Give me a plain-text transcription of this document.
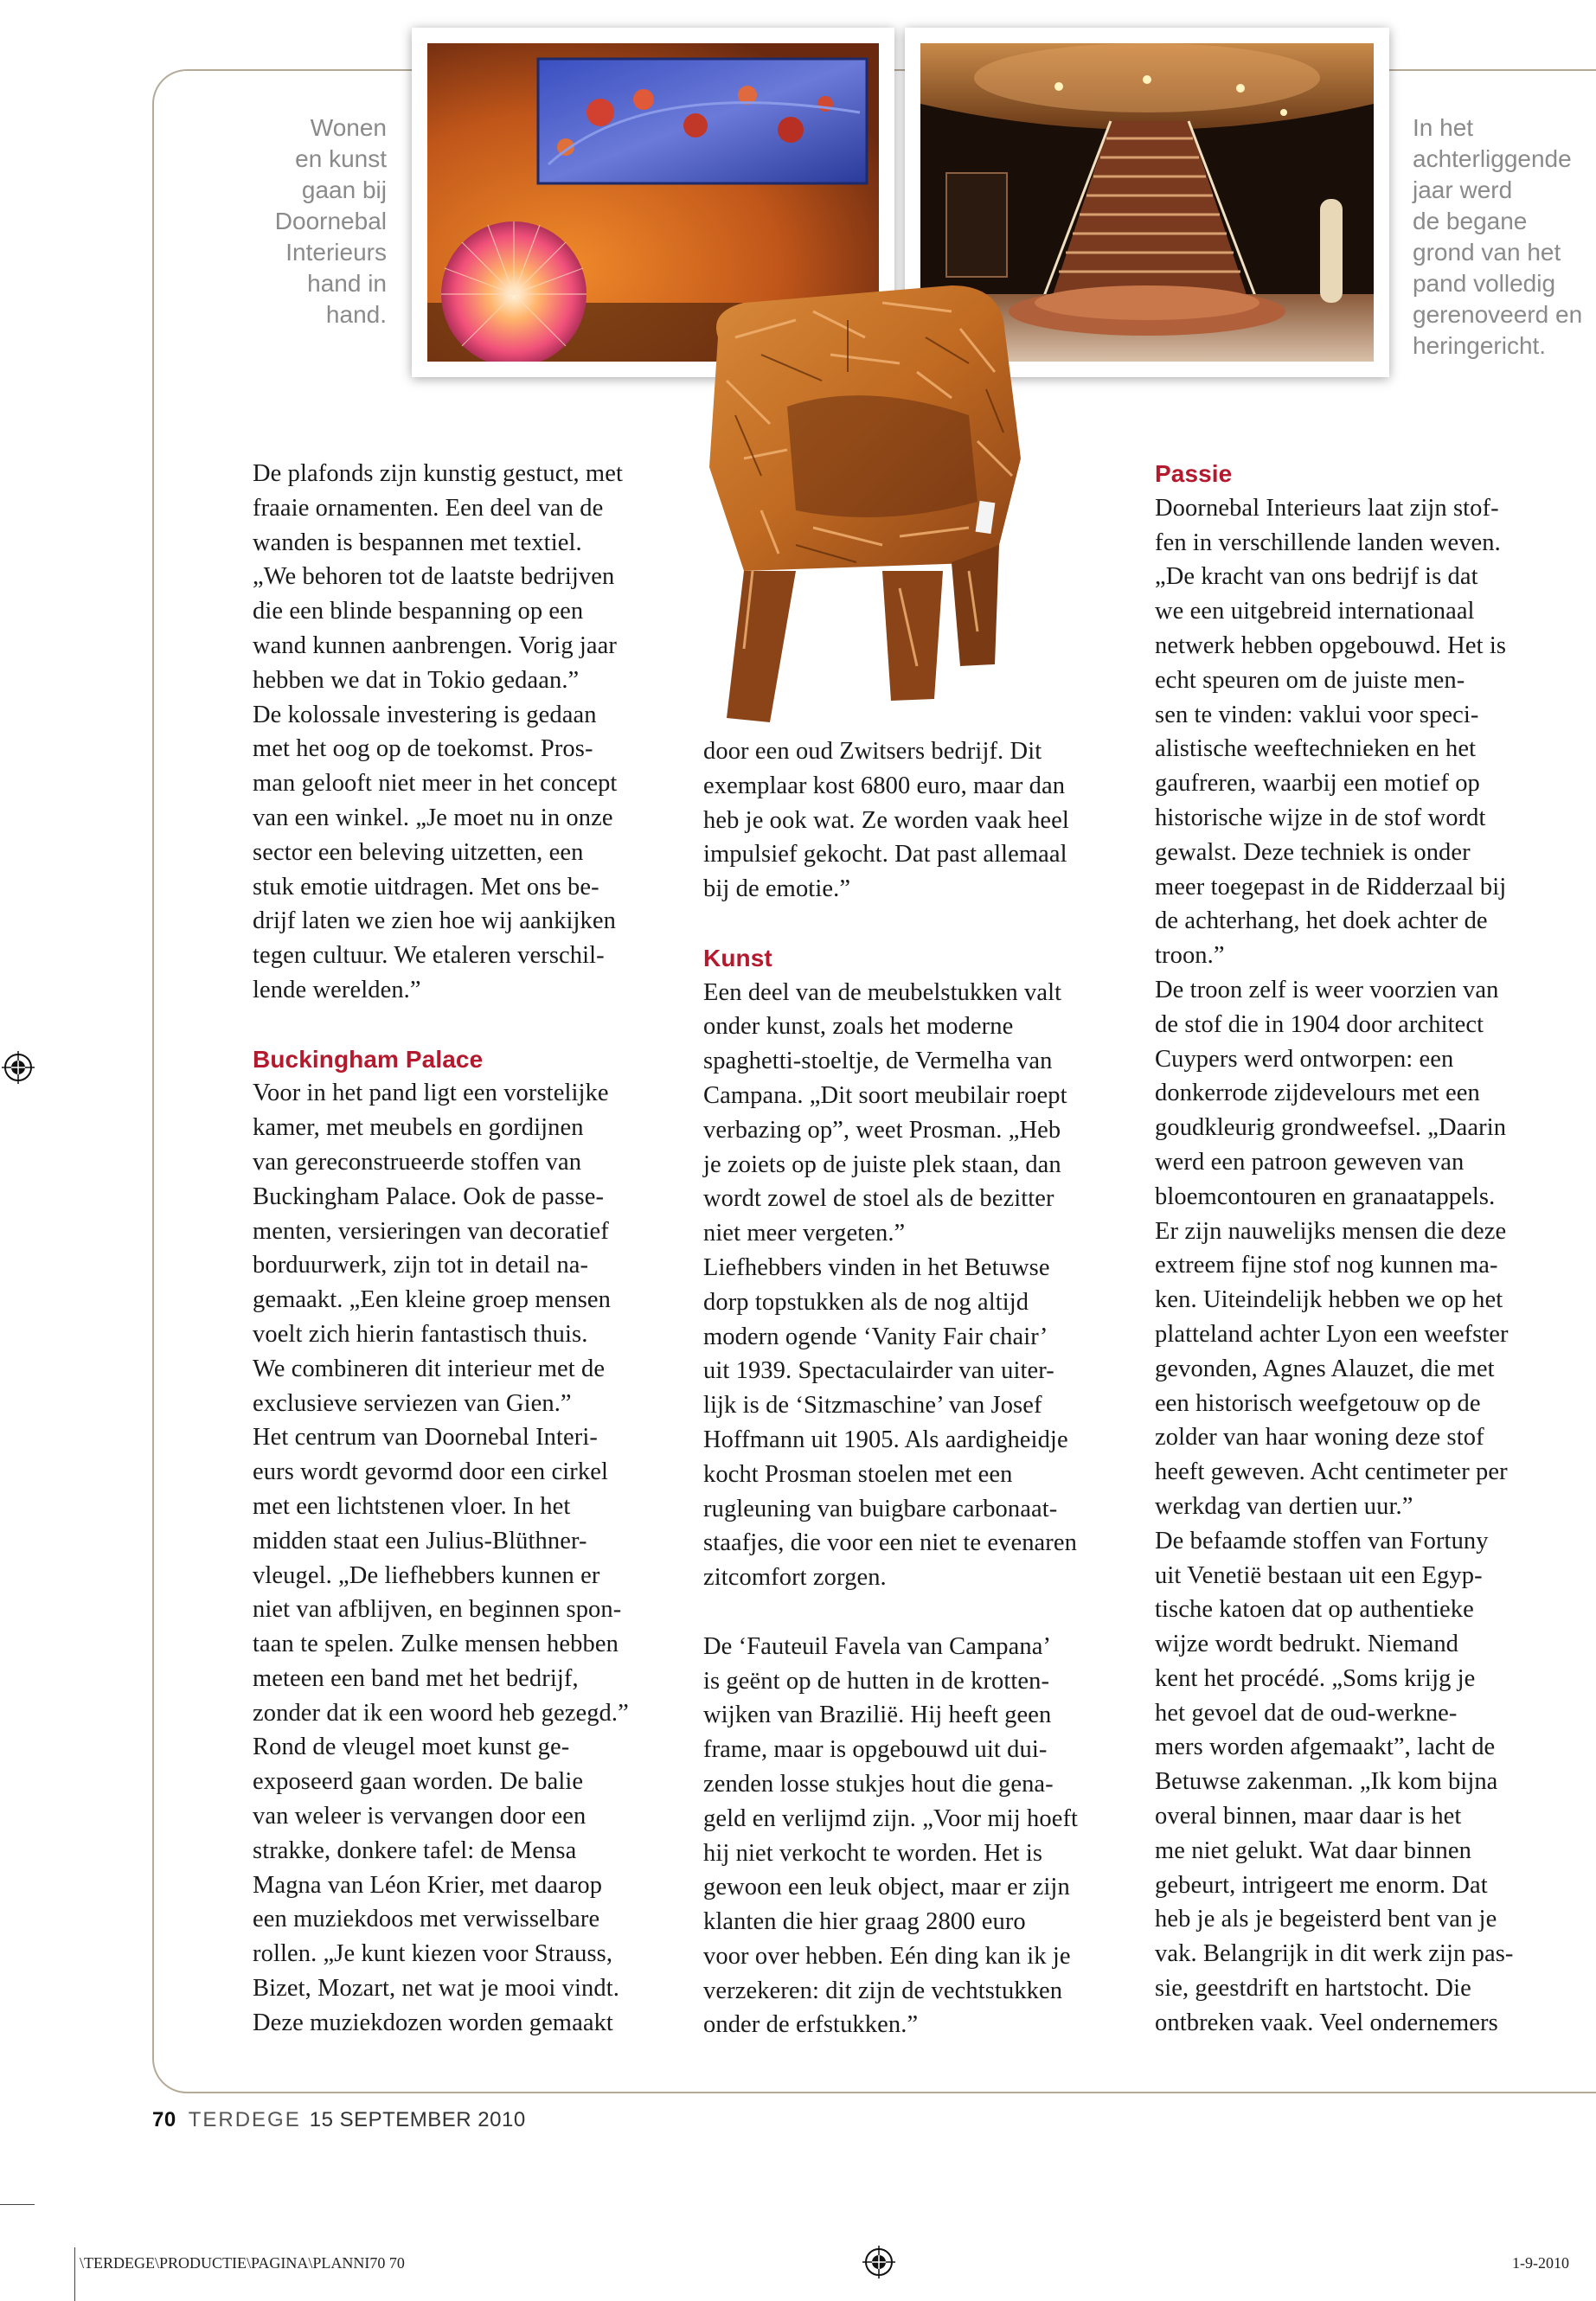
Wonen
en kunst
gaan bij
Doornebal
Interieurs
hand in
hand.
In het
achterliggende
jaar werd
de begane
grond van het
pand volledig
gerenoveerd en
heringericht.

De plafonds zijn kunstig gestuct, met
fraaie ornamenten. Een deel van de
wanden is bespannen met textiel.
„We behoren tot de laatste bedrijven
die een blinde bespanning op een
wand kunnen aanbrengen. Vorig jaar
hebben we dat in Tokio gedaan.”
De kolossale investering is gedaan
met het oog op de toekomst. Pros-
man gelooft niet meer in het concept
van een winkel. „Je moet nu in onze
sector een beleving uitzetten, een
stuk emotie uitdragen. Met ons be-
drijf laten we zien hoe wij aankijken
tegen cultuur. We etaleren verschil-
lende werelden.”

Buckingham Palace

Voor in het pand ligt een vorstelijke
kamer, met meubels en gordijnen
van gereconstrueerde stoffen van
Buckingham Palace. Ook de passe-
menten, versieringen van decoratief
borduurwerk, zijn tot in detail na-
gemaakt. „Een kleine groep mensen
voelt zich hierin fantastisch thuis.
We combineren dit interieur met de
exclusieve serviezen van Gien.”
Het centrum van Doornebal Interi-
eurs wordt gevormd door een cirkel
met een lichtstenen vloer. In het
midden staat een Julius-Blüthner-
vleugel. „De liefhebbers kunnen er
niet van afblijven, en beginnen spon-
taan te spelen. Zulke mensen hebben
meteen een band met het bedrijf,
zonder dat ik een woord heb gezegd.”
Rond de vleugel moet kunst ge-
exposeerd gaan worden. De balie
van weleer is vervangen door een
strakke, donkere tafel: de Mensa
Magna van Léon Krier, met daarop
een muziekdoos met verwisselbare
rollen. „Je kunt kiezen voor Strauss,
Bizet, Mozart, net wat je mooi vindt.
Deze muziekdozen worden gemaakt

door een oud Zwitsers bedrijf. Dit
exemplaar kost 6800 euro, maar dan
heb je ook wat. Ze worden vaak heel
impulsief gekocht. Dat past allemaal
bij de emotie.”

Kunst

Een deel van de meubelstukken valt
onder kunst, zoals het moderne
spaghetti-stoeltje, de Vermelha van
Campana. „Dit soort meubilair roept
verbazing op”, weet Prosman. „Heb
je zoiets op de juiste plek staan, dan
wordt zowel de stoel als de bezitter
niet meer vergeten.”
Liefhebbers vinden in het Betuwse
dorp topstukken als de nog altijd
modern ogende ‘Vanity Fair chair’
uit 1939. Spectaculairder van uiter-
lijk is de ‘Sitzmaschine’ van Josef
Hoffmann uit 1905. Als aardigheidje
kocht Prosman stoelen met een
rugleuning van buigbare carbonaat-
staafjes, die voor een niet te evenaren
zitcomfort zorgen.

De ‘Fauteuil Favela van Campana’
is geënt op de hutten in de krotten-
wijken van Brazilië. Hij heeft geen
frame, maar is opgebouwd uit dui-
zenden losse stukjes hout die gena-
geld en verlijmd zijn. „Voor mij hoeft
hij niet verkocht te worden. Het is
gewoon een leuk object, maar er zijn
klanten die hier graag 2800 euro
voor over hebben. Eén ding kan ik je
verzekeren: dit zijn de vechtstukken
onder de erfstukken.”

Passie

Doornebal Interieurs laat zijn stof-
fen in verschillende landen weven.
„De kracht van ons bedrijf is dat
we een uitgebreid internationaal
netwerk hebben opgebouwd. Het is
echt speuren om de juiste men-
sen te vinden: vaklui voor speci-
alistische weeftechnieken en het
gaufreren, waarbij een motief op
historische wijze in de stof wordt
gewalst. Deze techniek is onder
meer toegepast in de Ridderzaal bij
de achterhang, het doek achter de
troon.”
De troon zelf is weer voorzien van
de stof die in 1904 door architect
Cuypers werd ontworpen: een
donkerrode zijdevelours met een
goudkleurig grondweefsel. „Daarin
werd een patroon geweven van
bloemcontouren en granaatappels.
Er zijn nauwelijks mensen die deze
extreem fijne stof nog kunnen ma-
ken. Uiteindelijk hebben we op het
platteland achter Lyon een weefster
gevonden, Agnes Alauzet, die met
een historisch weefgetouw op de
zolder van haar woning deze stof
heeft geweven. Acht centimeter per
werkdag van dertien uur.”
De befaamde stoffen van Fortuny
uit Venetië bestaan uit een Egyp-
tische katoen dat op authentieke
wijze wordt bedrukt. Niemand
kent het procédé. „Soms krijg je
het gevoel dat de oud-werkne-
mers worden afgemaakt”, lacht de
Betuwse zakenman. „Ik kom bijna
overal binnen, maar daar is het
me niet gelukt. Wat daar binnen
gebeurt, intrigeert me enorm. Dat
heb je als je begeisterd bent van je
vak. Belangrijk in dit werk zijn pas-
sie, geestdrift en hartstocht. Die
ontbreken vaak. Veel ondernemers

70 TERDEGE 15 SEPTEMBER 2010
\TERDEGE\PRODUCTIE\PAGINA\PLANNI70 70	1-9-2010
